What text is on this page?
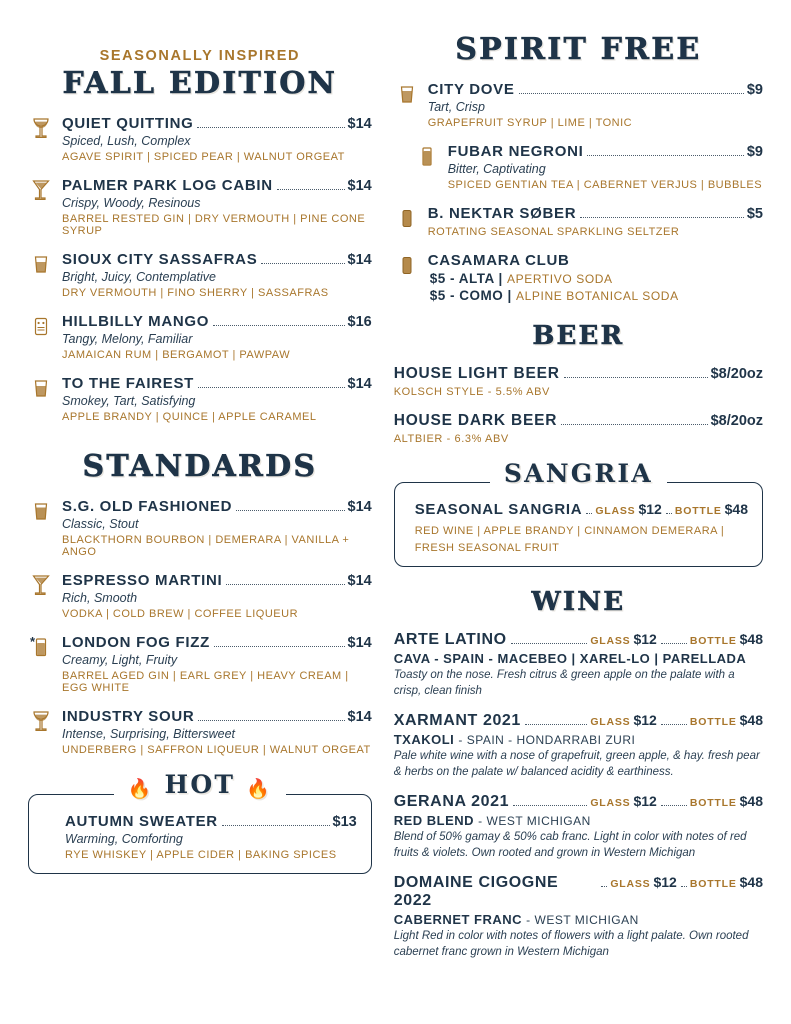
SEASONALLY INSPIRED
FALL EDITION
QUIET QUITTING	$14
Spiced, Lush, Complex
AGAVE SPIRIT | SPICED PEAR | WALNUT ORGEAT
PALMER PARK LOG CABIN	$14
Crispy, Woody, Resinous
BARREL RESTED GIN | DRY VERMOUTH | PINE CONE SYRUP
SIOUX CITY SASSAFRAS	$14
Bright, Juicy, Contemplative
DRY VERMOUTH | FINO SHERRY | SASSAFRAS
HILLBILLY MANGO	$16
Tangy, Melony, Familiar
JAMAICAN RUM | BERGAMOT | PAWPAW
TO THE FAIREST	$14
Smokey, Tart, Satisfying
APPLE BRANDY | QUINCE | APPLE CARAMEL
STANDARDS
S.G. OLD FASHIONED	$14
Classic, Stout
BLACKTHORN BOURBON | DEMERARA | VANILLA + ANGO
ESPRESSO MARTINI	$14
Rich, Smooth
VODKA | COLD BREW | COFFEE LIQUEUR
* LONDON FOG FIZZ	$14
Creamy, Light, Fruity
BARREL AGED GIN | EARL GREY | HEAVY CREAM | EGG WHITE
INDUSTRY SOUR	$14
Intense, Surprising, Bittersweet
UNDERBERG | SAFFRON LIQUEUR | WALNUT ORGEAT
🔥 HOT 🔥
AUTUMN SWEATER	$13
Warming, Comforting
RYE WHISKEY | APPLE CIDER | BAKING SPICES
SPIRIT FREE
CITY DOVE	$9
Tart, Crisp
GRAPEFRUIT SYRUP | LIME | TONIC
FUBAR NEGRONI	$9
Bitter, Captivating
SPICED GENTIAN TEA | CABERNET VERJUS | BUBBLES
B. NEKTAR SØBER	$5
ROTATING SEASONAL SPARKLING SELTZER
CASAMARA CLUB
$5 - ALTA | APERTIVO SODA
$5 - COMO | ALPINE BOTANICAL SODA
BEER
HOUSE LIGHT BEER	$8/20oz
KOLSCH STYLE - 5.5% ABV
HOUSE DARK BEER	$8/20oz
ALTBIER - 6.3% ABV
SANGRIA
SEASONAL SANGRIA GLASS $12 BOTTLE $48
RED WINE | APPLE BRANDY | CINNAMON DEMERARA |
FRESH SEASONAL FRUIT
WINE
ARTE LATINO	GLASS $12	BOTTLE $48
CAVA - SPAIN - MACEBEO | XAREL-LO | PARELLADA
Toasty on the nose. Fresh citrus & green apple on the palate with a crisp, clean finish
XARMANT 2021	GLASS $12	BOTTLE $48
TXAKOLI - SPAIN - HONDARRABI ZURI
Pale white wine with a nose of grapefruit, green apple, & hay. fresh pear & herbs on the palate w/ balanced acidity & earthiness.
GERANA 2021	GLASS $12	BOTTLE $48
RED BLEND - WEST MICHIGAN
Blend of 50% gamay & 50% cab franc. Light in color with notes of red fruits & violets. Own rooted and grown in Western Michigan
DOMAINE CIGOGNE 2022
GLASS $12 BOTTLE $48
CABERNET FRANC - WEST MICHIGAN
Light Red in color with notes of flowers with a light palate. Own rooted cabernet franc grown in Western Michigan
